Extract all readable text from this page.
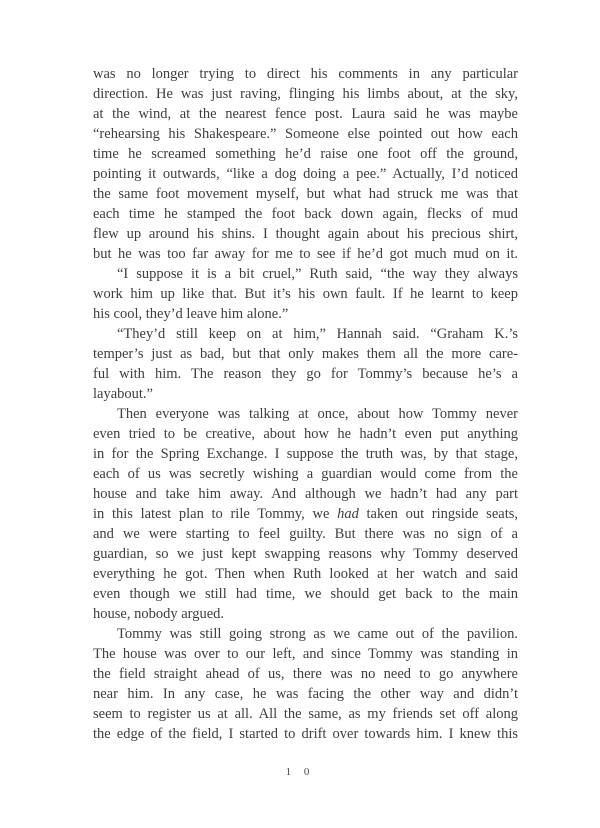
was no longer trying to direct his comments in any particular
direction. He was just raving, flinging his limbs about, at the sky,
at the wind, at the nearest fence post. Laura said he was maybe
“rehearsing his Shakespeare.” Someone else pointed out how each
time he screamed something he’d raise one foot off the ground,
pointing it outwards, “like a dog doing a pee.” Actually, I’d noticed
the same foot movement myself, but what had struck me was that
each time he stamped the foot back down again, flecks of mud
flew up around his shins. I thought again about his precious shirt,
but he was too far away for me to see if he’d got much mud on it.
“I suppose it is a bit cruel,” Ruth said, “the way they always
work him up like that. But it’s his own fault. If he learnt to keep
his cool, they’d leave him alone.”
“They’d still keep on at him,” Hannah said. “Graham K.’s
temper’s just as bad, but that only makes them all the more care-
ful with him. The reason they go for Tommy’s because he’s a
layabout.”
Then everyone was talking at once, about how Tommy never
even tried to be creative, about how he hadn’t even put anything
in for the Spring Exchange. I suppose the truth was, by that stage,
each of us was secretly wishing a guardian would come from the
house and take him away. And although we hadn’t had any part
in this latest plan to rile Tommy, we had taken out ringside seats,
and we were starting to feel guilty. But there was no sign of a
guardian, so we just kept swapping reasons why Tommy deserved
everything he got. Then when Ruth looked at her watch and said
even though we still had time, we should get back to the main
house, nobody argued.
Tommy was still going strong as we came out of the pavilion.
The house was over to our left, and since Tommy was standing in
the field straight ahead of us, there was no need to go anywhere
near him. In any case, he was facing the other way and didn’t
seem to register us at all. All the same, as my friends set off along
the edge of the field, I started to drift over towards him. I knew this
1 0
